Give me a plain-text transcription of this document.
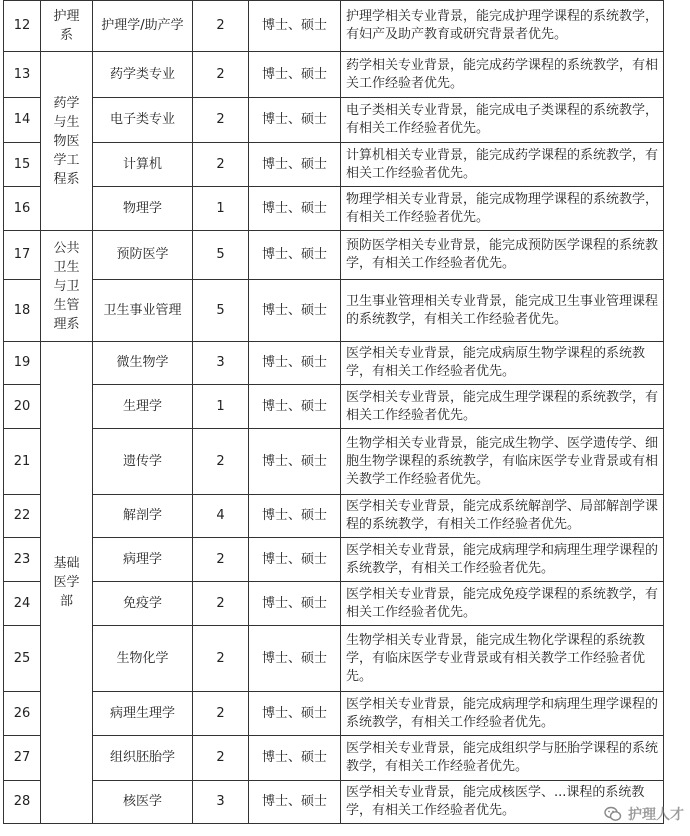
12	护理系	护理学/助产学	2	博士、硕士	护理学相关专业背景，能完成护理学课程的系统教学，有妇产及助产教育或研究背景者优先。
13	药学与生物医学工程系	药学类专业	2	博士、硕士	药学相关专业背景，能完成药学课程的系统教学，有相关工作经验者优先。
14		电子类专业	2	博士、硕士	电子类相关专业背景，能完成电子类课程的系统教学，有相关工作经验者优先。
15		计算机	2	博士、硕士	计算机相关专业背景，能完成药学课程的系统教学，有相关工作经验者优先。
16		物理学	1	博士、硕士	物理学相关专业背景，能完成物理学课程的系统教学，有相关工作经验者优先。
17	公共卫生与卫生管理系	预防医学	5	博士、硕士	预防医学相关专业背景，能完成预防医学课程的系统教学，有相关工作经验者优先。
18		卫生事业管理	5	博士、硕士	卫生事业管理相关专业背景，能完成卫生事业管理课程的系统教学，有相关工作经验者优先。
19	基础医学部	微生物学	3	博士、硕士	医学相关专业背景，能完成病原生物学课程的系统教学，有相关工作经验者优先。
20		生理学	1	博士、硕士	医学相关专业背景，能完成生理学课程的系统教学，有相关工作经验者优先。
21		遗传学	2	博士、硕士	生物学相关专业背景，能完成生物学、医学遗传学、细胞生物学课程的系统教学，有临床医学专业背景或有相关教学工作经验者优先。
22		解剖学	4	博士、硕士	医学相关专业背景，能完成系统解剖学、局部解剖学课程的系统教学，有相关工作经验者优先。
23		病理学	2	博士、硕士	医学相关专业背景，能完成病理学和病理生理学课程的系统教学，有相关工作经验者优先。
24		免疫学	2	博士、硕士	医学相关专业背景，能完成免疫学课程的系统教学，有相关工作经验者优先。
25		生物化学	2	博士、硕士	生物学相关专业背景，能完成生物化学课程的系统教学，有临床医学专业背景或有相关教学工作经验者优先。
26		病理生理学	2	博士、硕士	医学相关专业背景，能完成病理学和病理生理学课程的系统教学，有相关工作经验者优先。
27		组织胚胎学	2	博士、硕士	医学相关专业背景，能完成组织学与胚胎学课程的系统教学，有相关工作经验者优先。
28		核医学	3	博士、硕士	医学相关专业背景，能完成核医学、...课程的系统教学，有相关工作经验者优先。	护理人才
